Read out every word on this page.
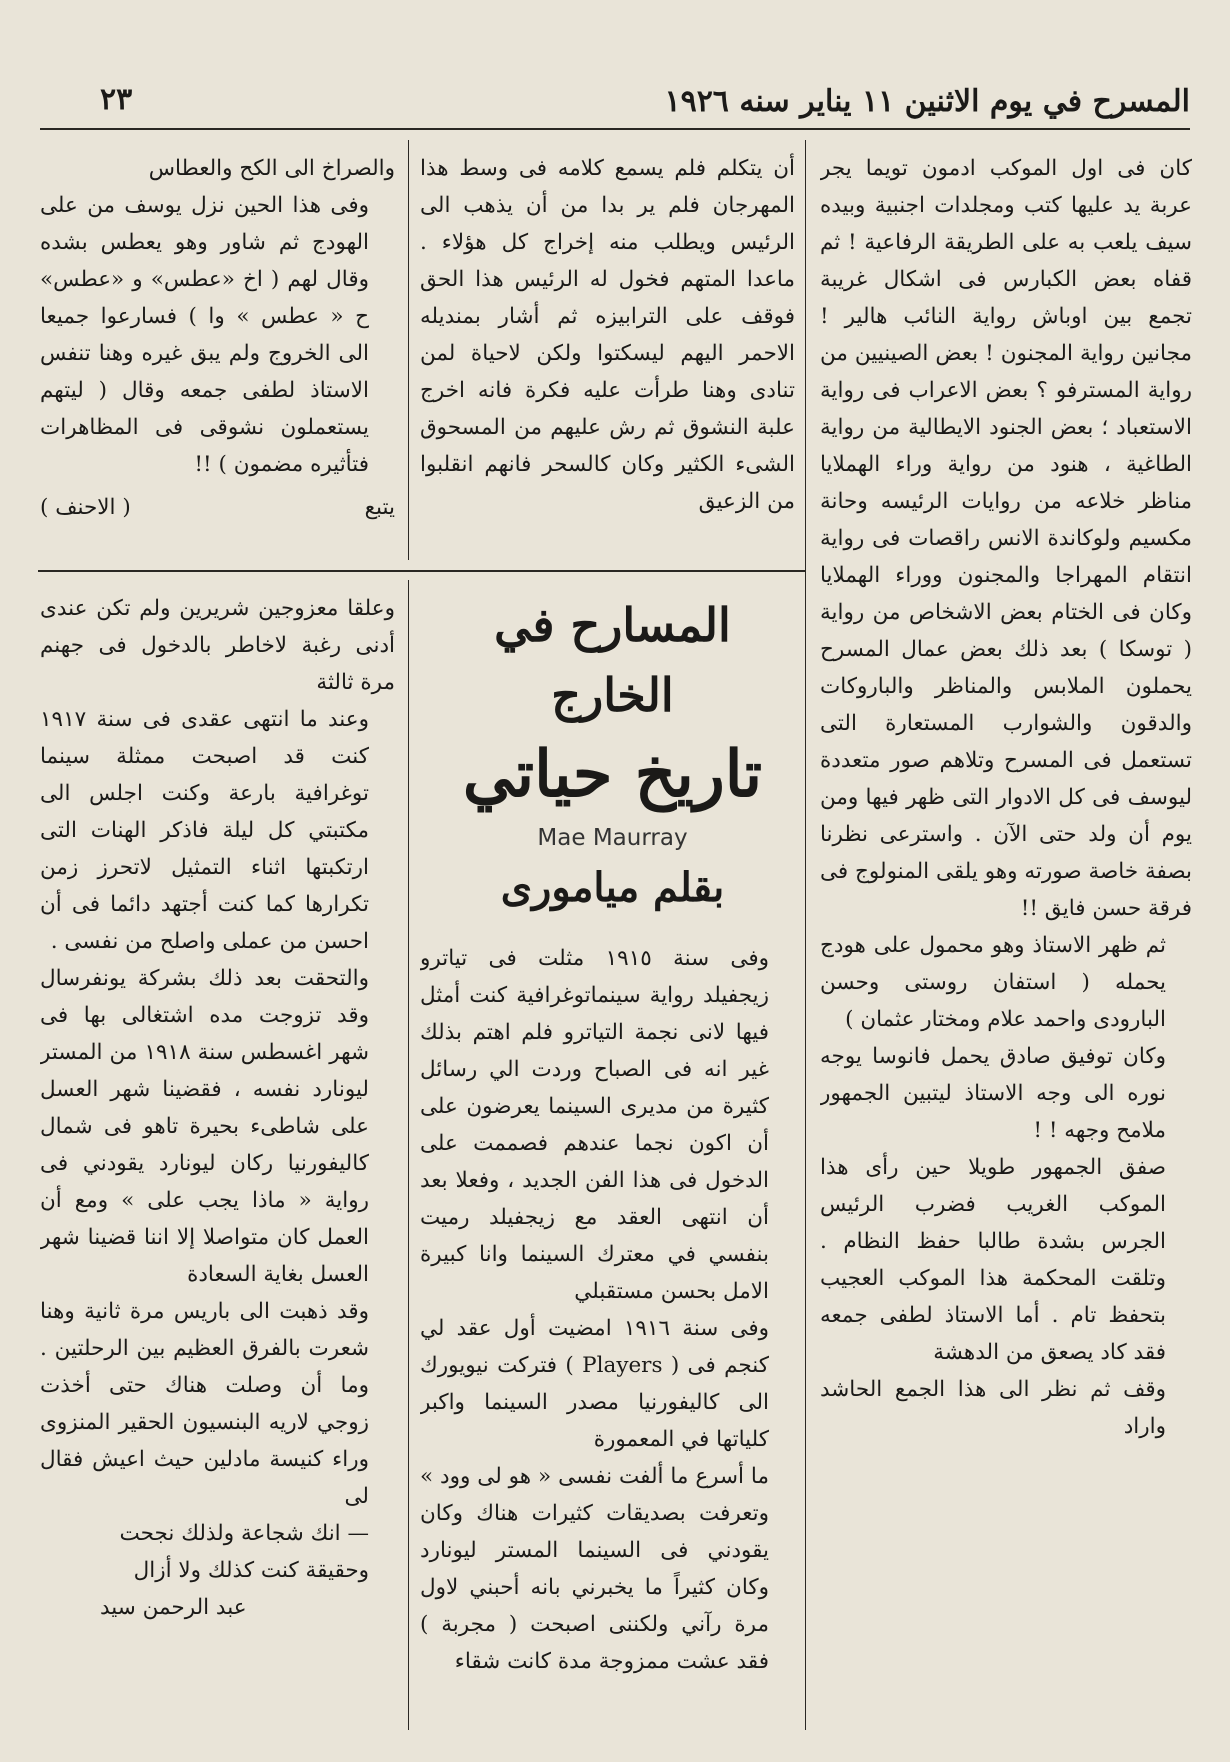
المسرح في يوم الاثنين ١١ يناير سنه ١٩٢٦
٢٣

كان فى اول الموكب ادمون تويما يجر عربة يد عليها كتب ومجلدات اجنبية وبيده سيف يلعب به على الطريقة الرفاعية ! ثم قفاه بعض الكبارس فى اشكال غريبة تجمع بين اوباش رواية النائب هالير ! مجانين رواية المجنون ! بعض الصينيين من رواية المسترفو ؟ بعض الاعراب فى رواية الاستعباد ؛ بعض الجنود الايطالية من رواية الطاغية ، هنود من رواية وراء الهملايا مناظر خلاعه من روايات الرئيسه وحانة مكسيم ولوكاندة الانس راقصات فى رواية انتقام المهراجا والمجنون ووراء الهملايا وكان فى الختام بعض الاشخاص من رواية ( توسكا ) بعد ذلك بعض عمال المسرح يحملون الملابس والمناظر والباروكات والدقون والشوارب المستعارة التى تستعمل فى المسرح وتلاهم صور متعددة ليوسف فى كل الادوار التى ظهر فيها ومن يوم أن ولد حتى الآن . واسترعى نظرنا بصفة خاصة صورته وهو يلقى المنولوج فى فرقة حسن فايق !!

ثم ظهر الاستاذ وهو محمول على هودج يحمله ( استفان روستى وحسن البارودى واحمد علام ومختار عثمان )

وكان توفيق صادق يحمل فانوسا يوجه نوره الى وجه الاستاذ ليتبين الجمهور ملامح وجهه ! !

صفق الجمهور طويلا حين رأى هذا الموكب الغريب فضرب الرئيس الجرس بشدة طالبا حفظ النظام . وتلقت المحكمة هذا الموكب العجيب بتحفظ تام . أما الاستاذ لطفى جمعه فقد كاد يصعق من الدهشة

وقف ثم نظر الى هذا الجمع الحاشد واراد

أن يتكلم فلم يسمع كلامه فى وسط هذا المهرجان فلم ير بدا من أن يذهب الى الرئيس ويطلب منه إخراج كل هؤلاء . ماعدا المتهم فخول له الرئيس هذا الحق فوقف على الترابيزه ثم أشار بمنديله الاحمر اليهم ليسكتوا ولكن لاحياة لمن تنادى وهنا طرأت عليه فكرة فانه اخرج علبة النشوق ثم رش عليهم من المسحوق الشىء الكثير وكان كالسحر فانهم انقلبوا من الزعيق

والصراخ الى الكح والعطاس

وفى هذا الحين نزل يوسف من على الهودج ثم شاور وهو يعطس بشده وقال لهم ( اخ «عطس» و «عطس» ح « عطس » وا ) فسارعوا جميعا الى الخروج ولم يبق غيره وهنا تنفس الاستاذ لطفى جمعه وقال ( ليتهم يستعملون نشوقى فى المظاهرات فتأثيره مضمون ) !!

يتبع
( الاحنف )

المسارح في الخارج
تاريخ حياتي
Mae Maurray
بقلم ميامورى

وفى سنة ١٩١٥ مثلت فى تياترو زيجفيلد رواية سينماتوغرافية كنت أمثل فيها لانى نجمة التياترو فلم اهتم بذلك غير انه فى الصباح وردت الي رسائل كثيرة من مديرى السينما يعرضون على أن اكون نجما عندهم فصممت على الدخول فى هذا الفن الجديد ، وفعلا بعد أن انتهى العقد مع زيجفيلد رميت بنفسي في معترك السينما وانا كبيرة الامل بحسن مستقبلي

وفى سنة ١٩١٦ امضيت أول عقد لي كنجم فى ( Players ) فتركت نيويورك الى كاليفورنيا مصدر السينما واكبر كلياتها في المعمورة

ما أسرع ما ألفت نفسى « هو لى وود » وتعرفت بصديقات كثيرات هناك وكان يقودني فى السينما المستر ليونارد وكان كثيراً ما يخبرني بانه أحبني لاول مرة رآني ولكننى اصبحت ( مجربة ) فقد عشت ممزوجة مدة كانت شقاء

وعلقا معزوجين شريرين ولم تكن عندى أدنى رغبة لاخاطر بالدخول فى جهنم مرة ثالثة

وعند ما انتهى عقدى فى سنة ١٩١٧ كنت قد اصبحت ممثلة سينما توغرافية بارعة وكنت اجلس الى مكتبتي كل ليلة فاذكر الهنات التى ارتكبتها اثناء التمثيل لاتحرز زمن تكرارها كما كنت أجتهد دائما فى أن احسن من عملى واصلح من نفسى .

والتحقت بعد ذلك بشركة يونفرسال وقد تزوجت مده اشتغالى بها فى شهر اغسطس سنة ١٩١٨ من المستر ليونارد نفسه ، فقضينا شهر العسل على شاطىء بحيرة تاهو فى شمال كاليفورنيا ركان ليونارد يقودني فى رواية « ماذا يجب على » ومع أن العمل كان متواصلا إلا اننا قضينا شهر العسل بغاية السعادة

وقد ذهبت الى باريس مرة ثانية وهنا شعرت بالفرق العظيم بين الرحلتين . وما أن وصلت هناك حتى أخذت زوجي لاريه البنسيون الحقير المنزوى وراء كنيسة مادلين حيث اعيش فقال لى

— انك شجاعة ولذلك نجحت

وحقيقة كنت كذلك ولا أزال

عبد الرحمن سيد
